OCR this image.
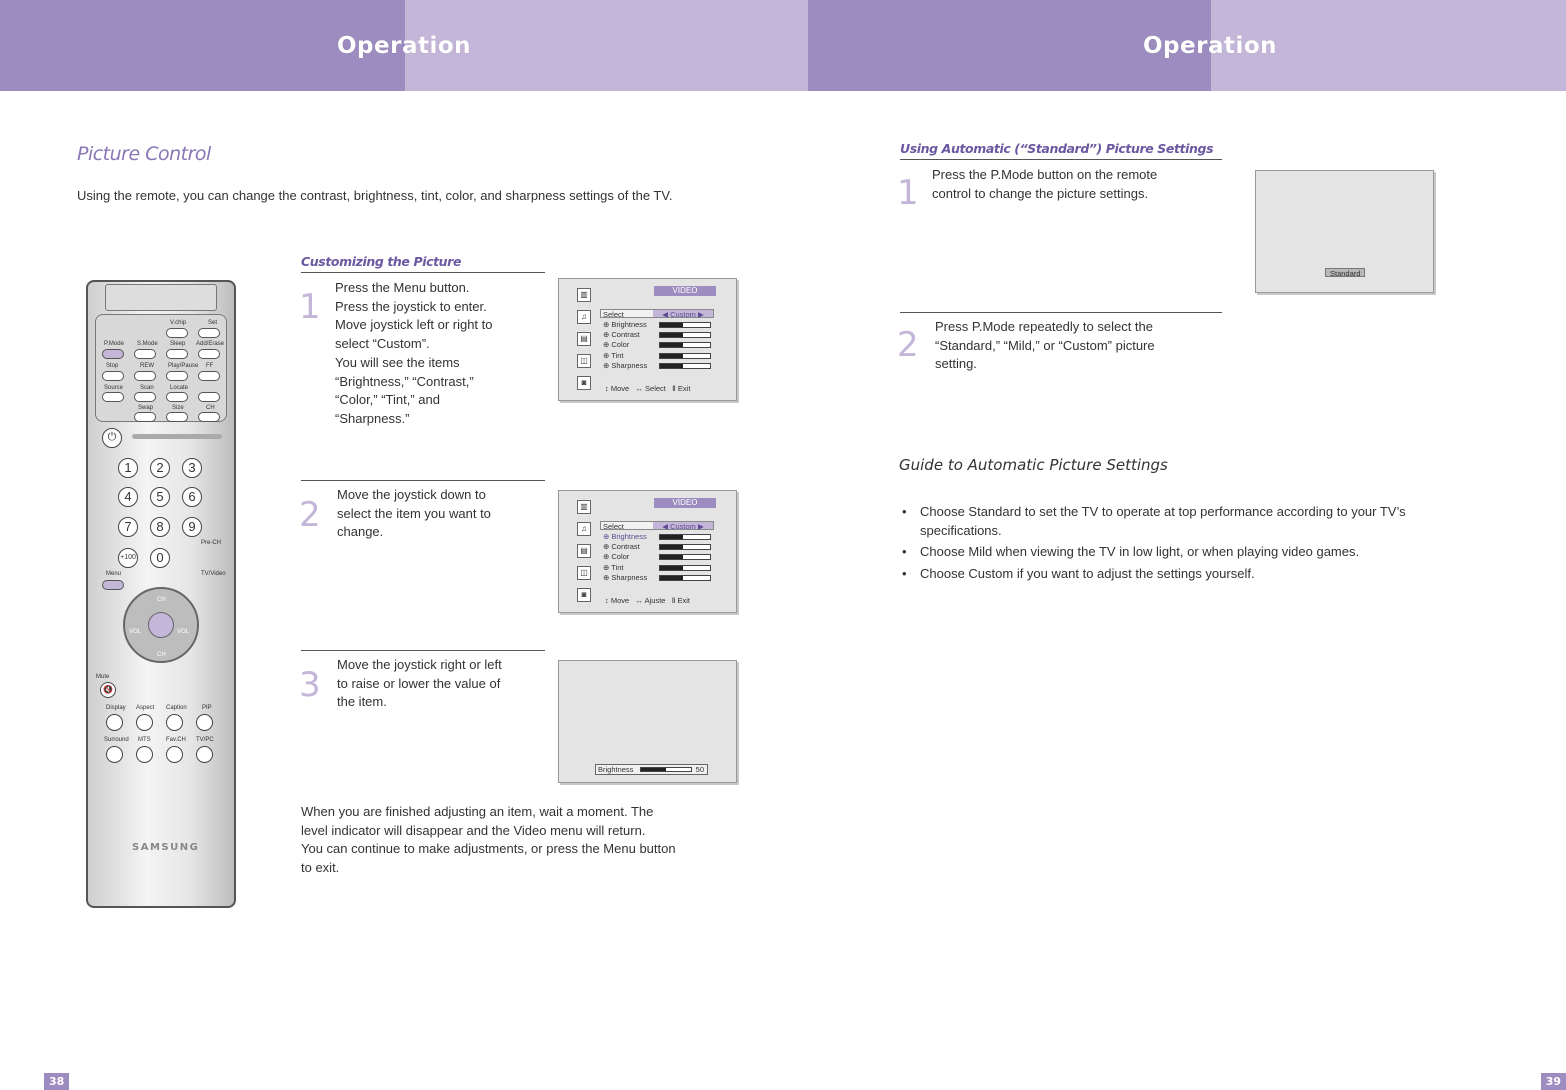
Operation	Operation
Picture Control
Using the remote, you can change the contrast, brightness, tint, color, and sharpness settings of the TV.
Customizing the Picture
1 Press the Menu button.
Press the joystick to enter.
Move joystick left or right to
select “Custom”.
You will see the items
“Brightness,” “Contrast,”
“Color,” “Tint,” and
“Sharpness.”
2
Move the joystick down to
select the item you want to
change.
3
Move the joystick right or left
to raise or lower the value of
the item.
When you are finished adjusting an item, wait a moment. The
level indicator will disappear and the Video menu will return.
You can continue to make adjustments, or press the Menu button
to exit.
▥
♫
▤
◫
◙
VIDEO
Select	◀ Custom ▶
⊕ Brightness
⊕ Contrast
⊕ Color
⊕ Tint
⊕ Sharpness
↕ Move ↔ Select Ⅱ Exit
▥
♫
▤
◫
◙
VIDEO
Select	◀ Custom ▶
⊕ Brightness
⊕ Contrast
⊕ Color
⊕ Tint
⊕ Sharpness
↕ Move ↔ Ajuste Ⅱ Exit
Brightness	50
V.chip	Set
P.Mode S.Mode Sleep Add/Erase
Stop	REW Play/Pause FF
Source	Scan	Locate
Swap	Size	CH
⏻
1	2	3
4	5	6
7	8	9
+100	0
Pre-CH
Menu	TV/Video
VOL	VOL
CH
CH
Mute
🔇
Display Aspect Caption	PIP
Surround MTS	Fav.CH TV/PC
SAMSUNG
38
Using Automatic (“Standard”) Picture Settings
1 Press the P.Mode button on the remote
control to change the picture settings.
Standard
2 Press P.Mode repeatedly to select the
“Standard,” “Mild,” or “Custom” picture
setting.
Guide to Automatic Picture Settings
• Choose Standard to set the TV to operate at top performance according to your TV’s
specifications.
•	Choose Mild when viewing the TV in low light, or when playing video games.
•	Choose Custom if you want to adjust the settings yourself.
39
